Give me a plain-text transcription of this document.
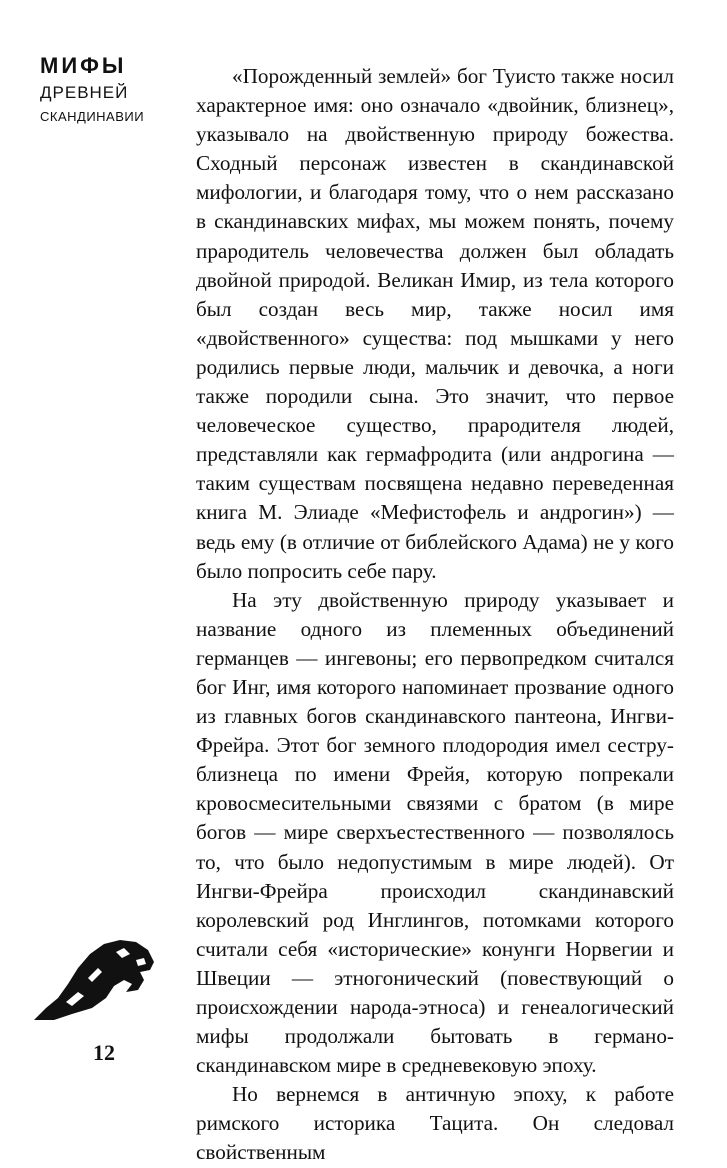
МИФЫ
ДРЕВНЕЙ
СКАНДИНАВИИ

«Порожденный землей» бог Туисто также носил характерное имя: оно означало «двойник, близнец», указывало на двойственную природу божества. Сходный персонаж известен в скандинавской мифологии, и благодаря тому, что о нем рассказано в скандинавских мифах, мы можем понять, почему прародитель человечества должен был обладать двойной природой. Великан Имир, из тела которого был создан весь мир, также носил имя «двойственного» существа: под мышками у него родились первые люди, мальчик и девочка, а ноги также породили сына. Это значит, что первое человеческое существо, прародителя людей, представляли как гермафродита (или андрогина — таким существам посвящена недавно переведенная книга М. Элиаде «Мефистофель и андрогин») — ведь ему (в отличие от библейского Адама) не у кого было попросить себе пару.

На эту двойственную природу указывает и название одного из племенных объединений германцев — ингевоны; его первопредком считался бог Инг, имя которого напоминает прозвание одного из главных богов скандинавского пантеона, Ингви-Фрейра. Этот бог земного плодородия имел сестру-близнеца по имени Фрейя, которую попрекали кровосмесительными связями с братом (в мире богов — мире сверхъестественного — позволялось то, что было недопустимым в мире людей). От Ингви-Фрейра происходил скандинавский королевский род Инглингов, потомками которого считали себя «исторические» конунги Норвегии и Швеции — этногонический (повествующий о происхождении народа-этноса) и генеалогический мифы продолжали бытовать в германо-скандинавском мире в средневековую эпоху.

Но вернемся в античную эпоху, к работе римского историка Тацита. Он следовал свойственным

12
